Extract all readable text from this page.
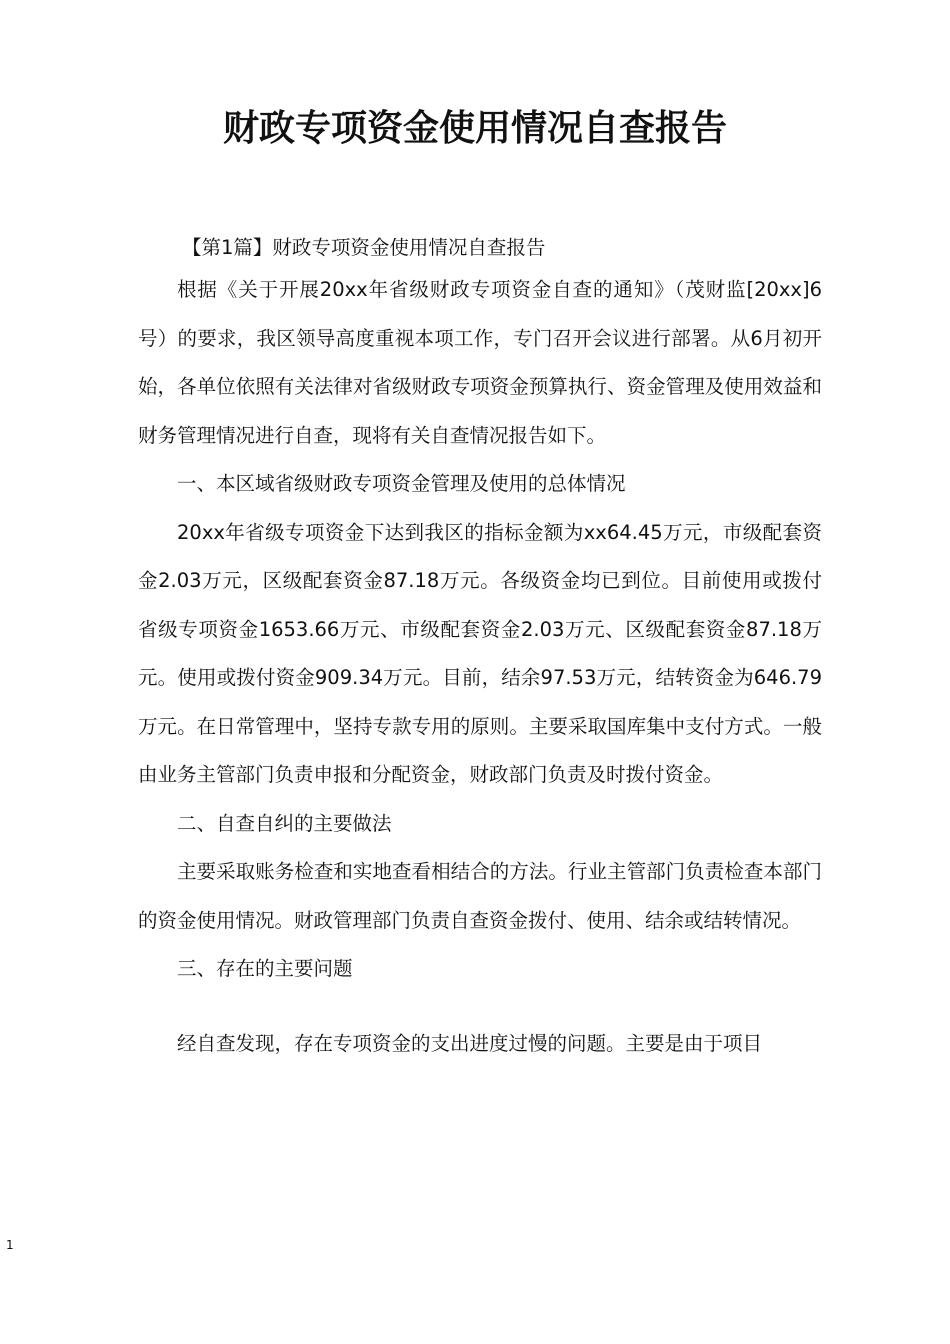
财政专项资金使用情况自查报告

【第1篇】财政专项资金使用情况自查报告

根据《关于开展20xx年省级财政专项资金自查的通知》（茂财监[20xx]6号）的要求，我区领导高度重视本项工作，专门召开会议进行部署。从6月初开始，各单位依照有关法律对省级财政专项资金预算执行、资金管理及使用效益和财务管理情况进行自查，现将有关自查情况报告如下。

一、本区域省级财政专项资金管理及使用的总体情况

20xx年省级专项资金下达到我区的指标金额为xx64.45万元，市级配套资金2.03万元，区级配套资金87.18万元。各级资金均已到位。目前使用或拨付省级专项资金1653.66万元、市级配套资金2.03万元、区级配套资金87.18万元。使用或拨付资金909.34万元。目前，结余97.53万元，结转资金为646.79万元。在日常管理中，坚持专款专用的原则。主要采取国库集中支付方式。一般由业务主管部门负责申报和分配资金，财政部门负责及时拨付资金。

二、自查自纠的主要做法

主要采取账务检查和实地查看相结合的方法。行业主管部门负责检查本部门的资金使用情况。财政管理部门负责自查资金拨付、使用、结余或结转情况。

三、存在的主要问题

经自查发现，存在专项资金的支出进度过慢的问题。主要是由于项目

1
